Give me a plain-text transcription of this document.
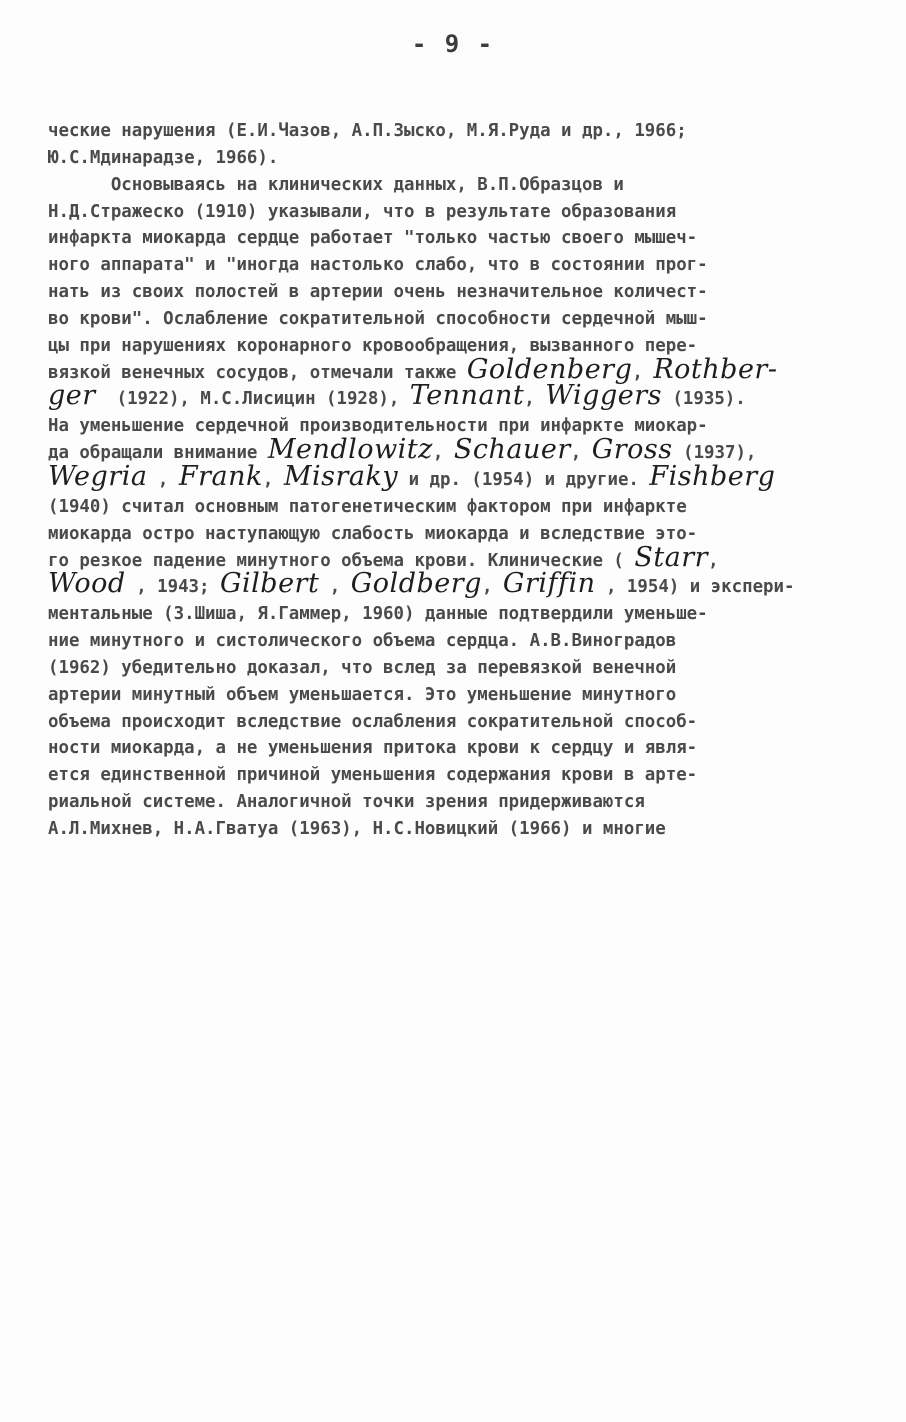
- 9 -
ческие нарушения (Е.И.Чазов, А.П.Зыско, М.Я.Руда и др., 1966;
Ю.С.Мдинарадзе, 1966).
Основываясь на клинических данных, В.П.Образцов и
Н.Д.Стражеско (1910) указывали, что в результате образования
инфаркта миокарда сердце работает "только частью своего мышеч-
ного аппарата" и "иногда настолько слабо, что в состоянии прог-
нать из своих полостей в артерии очень незначительное количест-
во крови". Ослабление сократительной способности сердечной мыш-
цы при нарушениях коронарного кровообращения, вызванного пере-
вязкой венечных сосудов, отмечали также Goldenberg, Rothber-
ger  (1922), М.С.Лисицин (1928), Tennant, Wiggers (1935).
На уменьшение сердечной производительности при инфаркте миокар-
да обращали внимание Mendlowitz, Schauer, Gross (1937),
Wegria , Frank, Misraky и др. (1954) и другие. Fishberg
(1940) считал основным патогенетическим фактором при инфаркте
миокарда остро наступающую слабость миокарда и вследствие это-
го резкое падение минутного объема крови. Клинические ( Starr,
Wood , 1943; Gilbert , Goldberg, Griffin , 1954) и экспери-
ментальные (З.Шиша, Я.Гаммер, 1960) данные подтвердили уменьше-
ние минутного и систолического объема сердца. А.В.Виноградов
(1962) убедительно доказал, что вслед за перевязкой венечной
артерии минутный объем уменьшается. Это уменьшение минутного
объема происходит вследствие ослабления сократительной способ-
ности миокарда, а не уменьшения притока крови к сердцу и явля-
ется единственной причиной уменьшения содержания крови в арте-
риальной системе. Аналогичной точки зрения придерживаются
А.Л.Михнев, Н.А.Гватуа (1963), Н.С.Новицкий (1966) и многие
